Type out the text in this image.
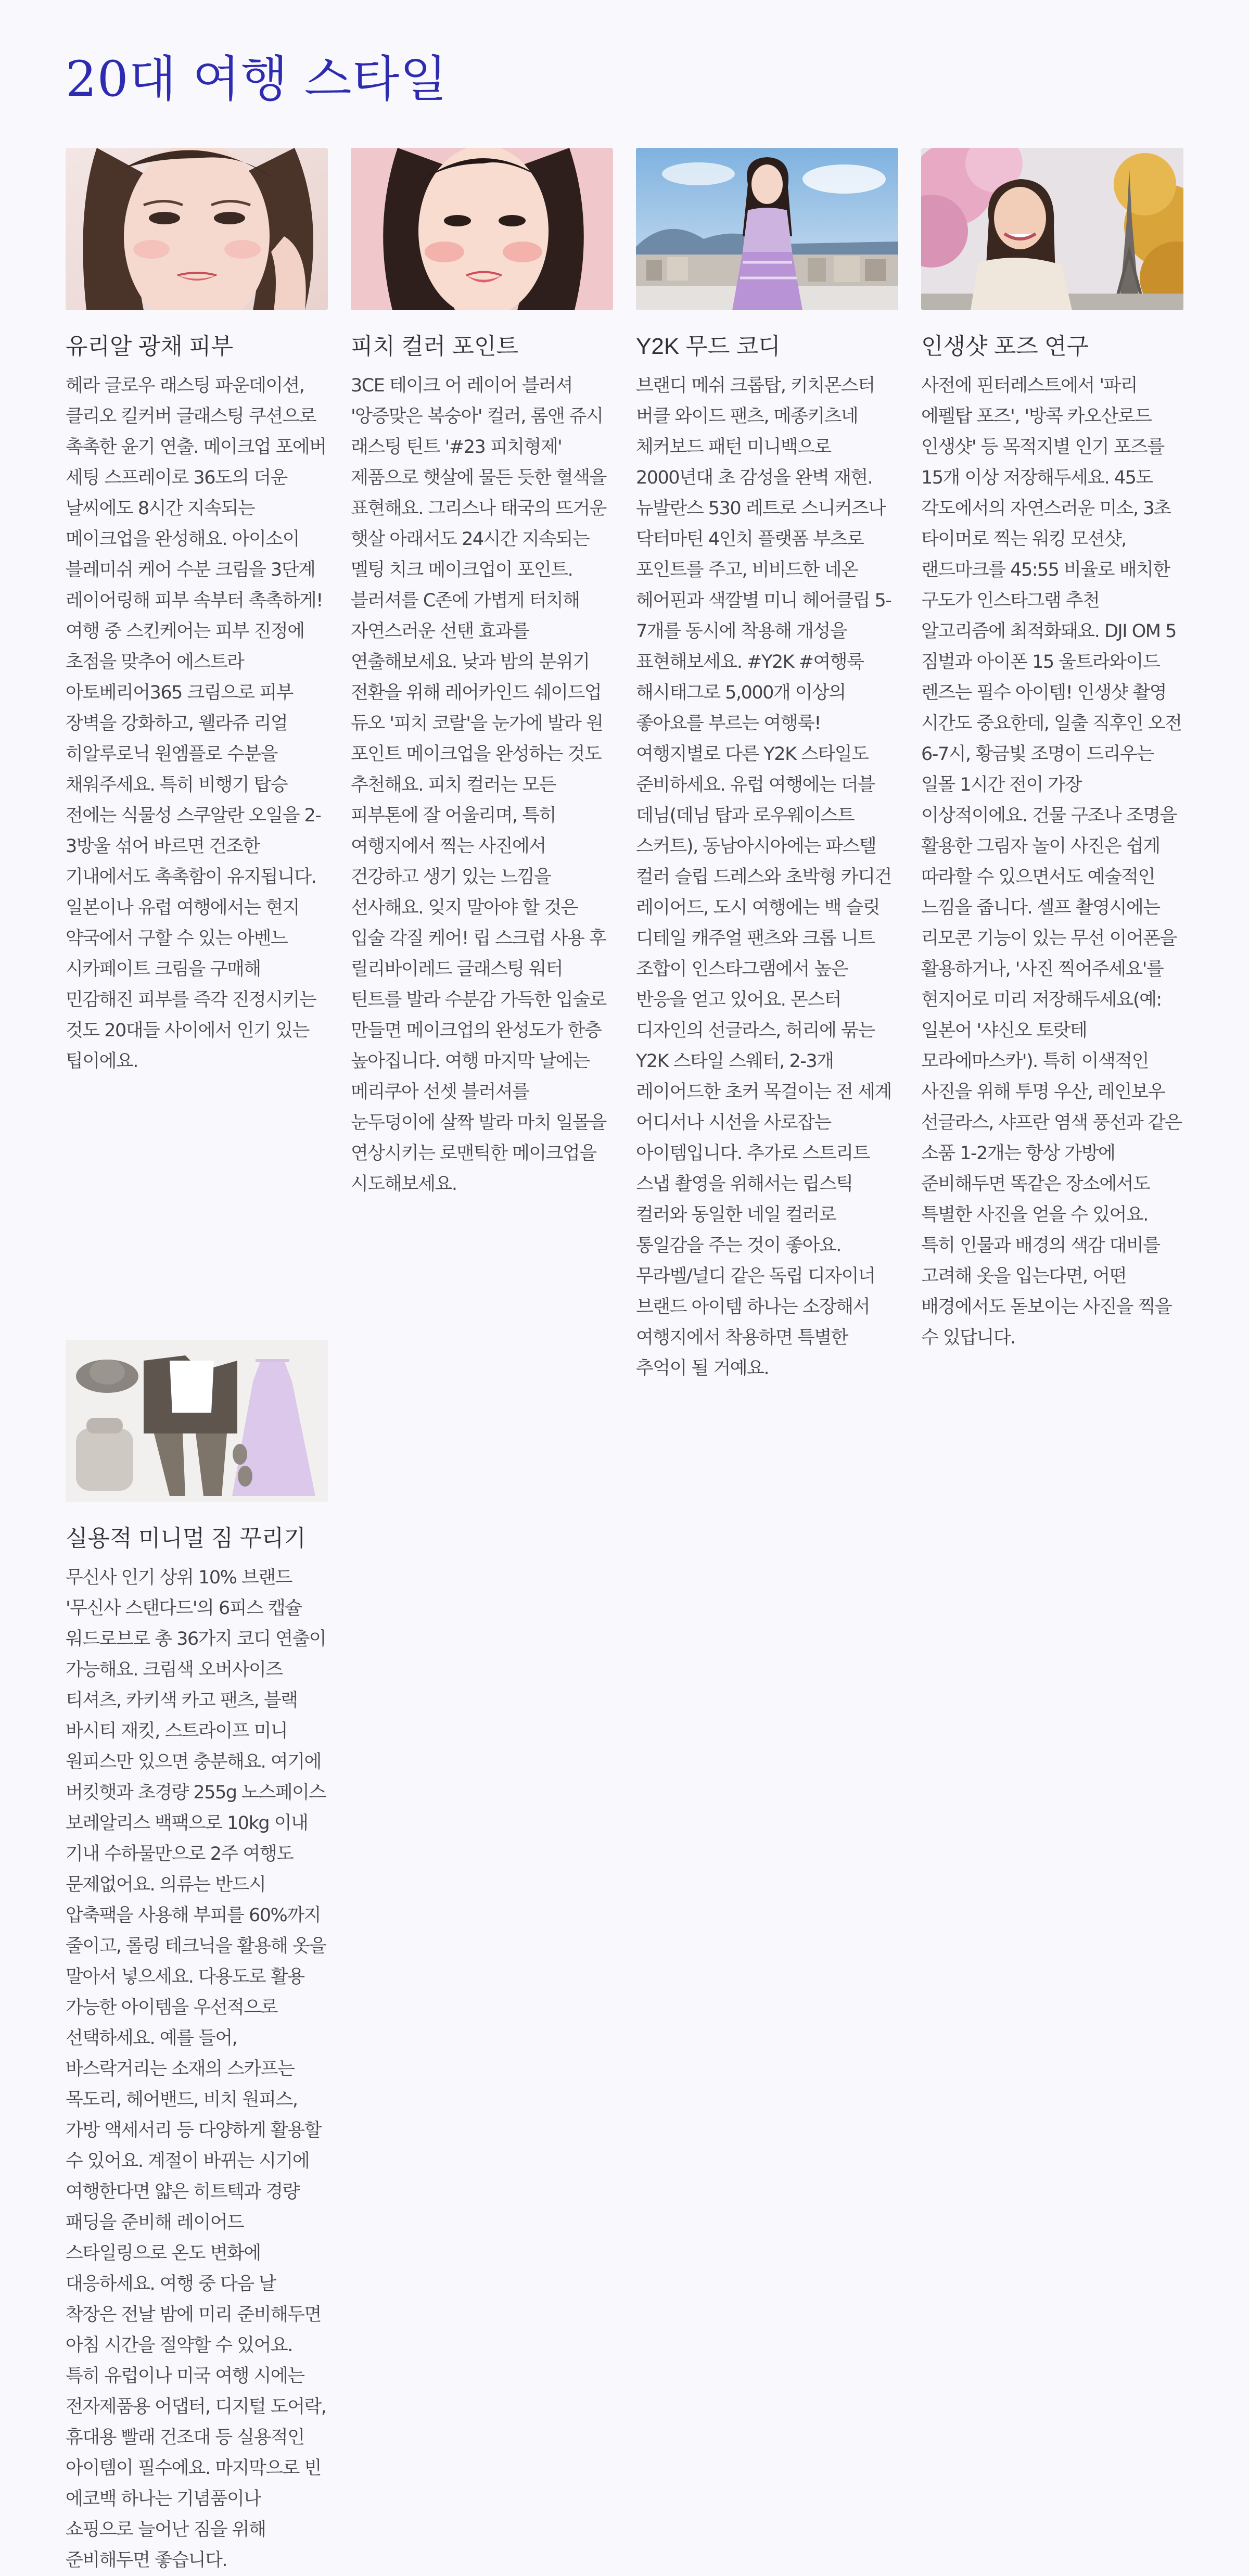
20대 여행 스타일
유리알 광채 피부

헤라 글로우 래스팅 파운데이션, 클리오 킬커버 글래스팅 쿠션으로 촉촉한 윤기 연출. 메이크업 포에버 세팅 스프레이로 36도의 더운 날씨에도 8시간 지속되는 메이크업을 완성해요. 아이소이 블레미쉬 케어 수분 크림을 3단계 레이어링해 피부 속부터 촉촉하게! 여행 중 스킨케어는 피부 진정에 초점을 맞추어 에스트라 아토베리어365 크림으로 피부 장벽을 강화하고, 웰라쥬 리얼 히알루로닉 원엠플로 수분을 채워주세요. 특히 비행기 탑승 전에는 식물성 스쿠알란 오일을 2-3방울 섞어 바르면 건조한 기내에서도 촉촉함이 유지됩니다. 일본이나 유럽 여행에서는 현지 약국에서 구할 수 있는 아벤느 시카페이트 크림을 구매해 민감해진 피부를 즉각 진정시키는 것도 20대들 사이에서 인기 있는 팁이에요.

피치 컬러 포인트

3CE 테이크 어 레이어 블러셔 '앙증맞은 복숭아' 컬러, 롬앤 쥬시 래스팅 틴트 '#23 피치형제' 제품으로 햇살에 물든 듯한 혈색을 표현해요. 그리스나 태국의 뜨거운 햇살 아래서도 24시간 지속되는 멜팅 치크 메이크업이 포인트. 블러셔를 C존에 가볍게 터치해 자연스러운 선탠 효과를 연출해보세요. 낮과 밤의 분위기 전환을 위해 레어카인드 쉐이드업 듀오 '피치 코랄'을 눈가에 발라 원 포인트 메이크업을 완성하는 것도 추천해요. 피치 컬러는 모든 피부톤에 잘 어울리며, 특히 여행지에서 찍는 사진에서 건강하고 생기 있는 느낌을 선사해요. 잊지 말아야 할 것은 입술 각질 케어! 립 스크럽 사용 후 릴리바이레드 글래스팅 워터 틴트를 발라 수분감 가득한 입술로 만들면 메이크업의 완성도가 한층 높아집니다. 여행 마지막 날에는 메리쿠아 선셋 블러셔를 눈두덩이에 살짝 발라 마치 일몰을 연상시키는 로맨틱한 메이크업을 시도해보세요.

Y2K 무드 코디

브랜디 메쉬 크롭탑, 키치몬스터 버클 와이드 팬츠, 메종키츠네 체커보드 패턴 미니백으로 2000년대 초 감성을 완벽 재현. 뉴발란스 530 레트로 스니커즈나 닥터마틴 4인치 플랫폼 부츠로 포인트를 주고, 비비드한 네온 헤어핀과 색깔별 미니 헤어클립 5-7개를 동시에 착용해 개성을 표현해보세요. #Y2K #여행룩 해시태그로 5,000개 이상의 좋아요를 부르는 여행룩! 여행지별로 다른 Y2K 스타일도 준비하세요. 유럽 여행에는 더블 데님(데님 탑과 로우웨이스트 스커트), 동남아시아에는 파스텔 컬러 슬립 드레스와 초박형 카디건 레이어드, 도시 여행에는 백 슬릿 디테일 캐주얼 팬츠와 크롭 니트 조합이 인스타그램에서 높은 반응을 얻고 있어요. 몬스터 디자인의 선글라스, 허리에 묶는 Y2K 스타일 스웨터, 2-3개 레이어드한 초커 목걸이는 전 세계 어디서나 시선을 사로잡는 아이템입니다. 추가로 스트리트 스냅 촬영을 위해서는 립스틱 컬러와 동일한 네일 컬러로 통일감을 주는 것이 좋아요. 무라벨/널디 같은 독립 디자이너 브랜드 아이템 하나는 소장해서 여행지에서 착용하면 특별한 추억이 될 거예요.

인생샷 포즈 연구

사전에 핀터레스트에서 '파리 에펠탑 포즈', '방콕 카오산로드 인생샷' 등 목적지별 인기 포즈를 15개 이상 저장해두세요. 45도 각도에서의 자연스러운 미소, 3초 타이머로 찍는 워킹 모션샷, 랜드마크를 45:55 비율로 배치한 구도가 인스타그램 추천 알고리즘에 최적화돼요. DJI OM 5 짐벌과 아이폰 15 울트라와이드 렌즈는 필수 아이템! 인생샷 촬영 시간도 중요한데, 일출 직후인 오전 6-7시, 황금빛 조명이 드리우는 일몰 1시간 전이 가장 이상적이에요. 건물 구조나 조명을 활용한 그림자 놀이 사진은 쉽게 따라할 수 있으면서도 예술적인 느낌을 줍니다. 셀프 촬영시에는 리모콘 기능이 있는 무선 이어폰을 활용하거나, '사진 찍어주세요'를 현지어로 미리 저장해두세요(예: 일본어 '샤신오 토랏테 모라에마스카'). 특히 이색적인 사진을 위해 투명 우산, 레인보우 선글라스, 샤프란 염색 풍선과 같은 소품 1-2개는 항상 가방에 준비해두면 똑같은 장소에서도 특별한 사진을 얻을 수 있어요. 특히 인물과 배경의 색감 대비를 고려해 옷을 입는다면, 어떤 배경에서도 돋보이는 사진을 찍을 수 있답니다.

실용적 미니멀 짐 꾸리기

무신사 인기 상위 10% 브랜드 '무신사 스탠다드'의 6피스 캡슐 워드로브로 총 36가지 코디 연출이 가능해요. 크림색 오버사이즈 티셔츠, 카키색 카고 팬츠, 블랙 바시티 재킷, 스트라이프 미니 원피스만 있으면 충분해요. 여기에 버킷햇과 초경량 255g 노스페이스 보레알리스 백팩으로 10kg 이내 기내 수하물만으로 2주 여행도 문제없어요. 의류는 반드시 압축팩을 사용해 부피를 60%까지 줄이고, 롤링 테크닉을 활용해 옷을 말아서 넣으세요. 다용도로 활용 가능한 아이템을 우선적으로 선택하세요. 예를 들어, 바스락거리는 소재의 스카프는 목도리, 헤어밴드, 비치 원피스, 가방 액세서리 등 다양하게 활용할 수 있어요. 계절이 바뀌는 시기에 여행한다면 얇은 히트텍과 경량 패딩을 준비해 레이어드 스타일링으로 온도 변화에 대응하세요. 여행 중 다음 날 착장은 전날 밤에 미리 준비해두면 아침 시간을 절약할 수 있어요. 특히 유럽이나 미국 여행 시에는 전자제품용 어댑터, 디지털 도어락, 휴대용 빨래 건조대 등 실용적인 아이템이 필수에요. 마지막으로 빈 에코백 하나는 기념품이나 쇼핑으로 늘어난 짐을 위해 준비해두면 좋습니다.
